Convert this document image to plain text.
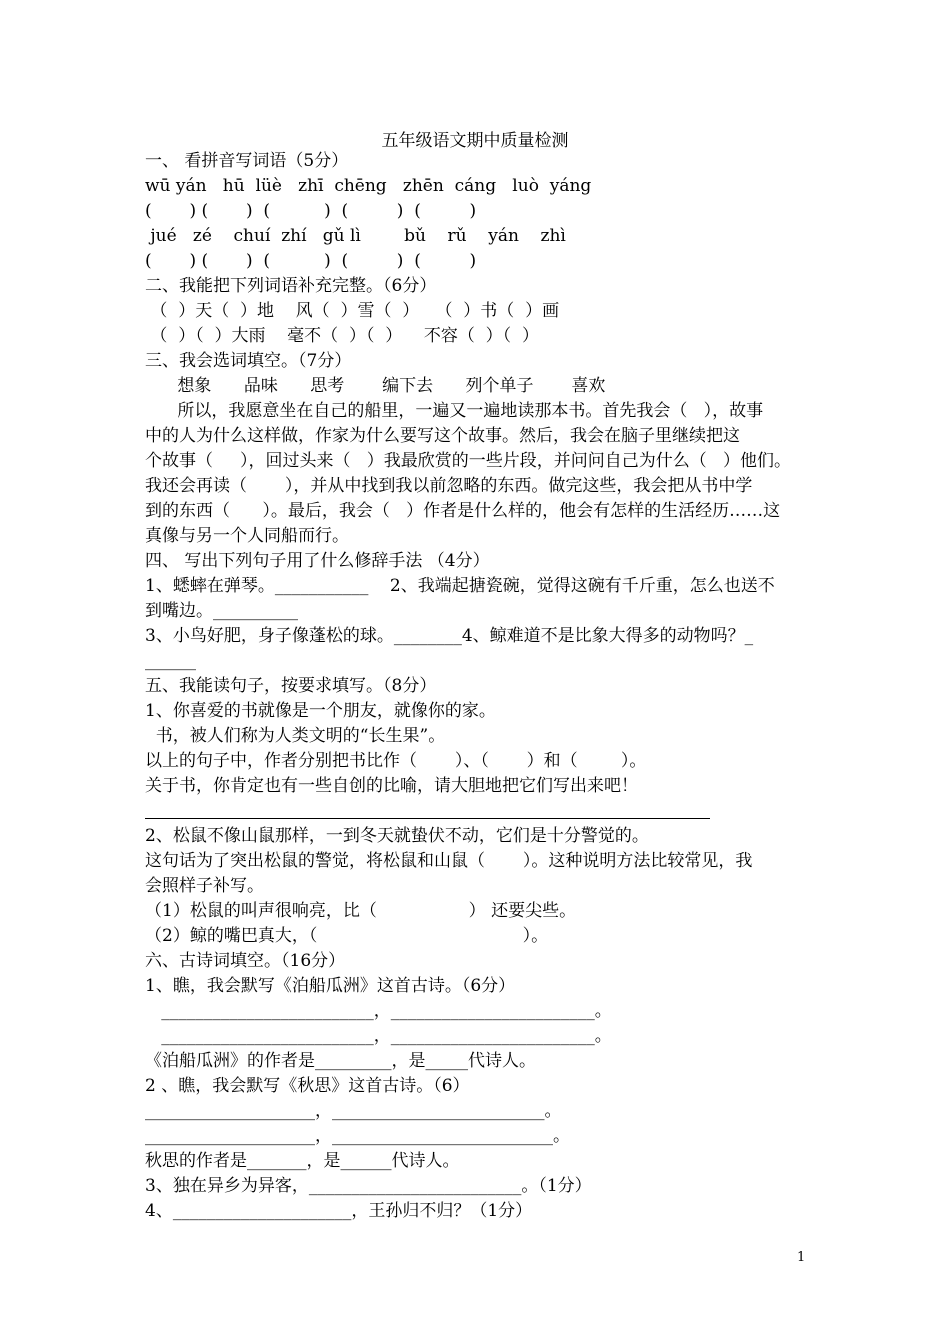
五年级语文期中质量检测
一、 看拼音写词语（5分）
wū yán   hū  lüè   zhī  chēng   zhēn  cáng   luò  yáng
(       ) (       )  (          )  (         )  (         )
jué   zé    chuí  zhí   gǔ lì        bǔ    rǔ    yán    zhì
(       ) (       )  (          )  (         )  (         )
二、我能把下列词语补充完整。（6分）
（  ）天（  ）地    风（  ）雪（  ）   （  ）书（  ）画
（  ）（  ）大雨    毫不（  ）（  ）    不容（  ）（  ）
三、我会选词填空。（7分）
想象      品味      思考       编下去      列个单子       喜欢
所以，我愿意坐在自己的船里，一遍又一遍地读那本书。首先我会（   ），故事
中的人为什么这样做，作家为什么要写这个故事。然后，我会在脑子里继续把这
个故事（     ），回过头来（   ）我最欣赏的一些片段，并问问自己为什么（   ）他们。
我还会再读（       ），并从中找到我以前忽略的东西。做完这些，我会把从书中学
到的东西（      ）。最后，我会（   ）作者是什么样的，他会有怎样的生活经历……这
真像与另一个人同船而行。
四、 写出下列句子用了什么修辞手法 （4分）
1、蟋蟀在弹琴。___________    2、我端起搪瓷碗，觉得这碗有千斤重，怎么也送不
到嘴边。__________
3、小鸟好肥，身子像蓬松的球。________4、鲸难道不是比象大得多的动物吗？_
______
五、我能读句子，按要求填写。（8分）
1、你喜爱的书就像是一个朋友，就像你的家。
书，被人们称为人类文明的“长生果”。
以上的句子中，作者分别把书比作（       ）、（       ）和（        ）。
关于书，你肯定也有一些自创的比喻，请大胆地把它们写出来吧！
2、松鼠不像山鼠那样，一到冬天就蛰伏不动，它们是十分警觉的。
这句话为了突出松鼠的警觉，将松鼠和山鼠（       ）。这种说明方法比较常见，我
会照样子补写。
（1）松鼠的叫声很响亮，比（                 ） 还要尖些。
（2）鲸的嘴巴真大，（                                      ）。
六、古诗词填空。（16分）
1、瞧，我会默写《泊船瓜洲》这首古诗。（6分）
_________________________，________________________。
_________________________，________________________。
《泊船瓜洲》的作者是_________，是_____代诗人。
2 、瞧，我会默写《秋思》这首古诗。（6）
____________________，_________________________。
____________________，__________________________。
秋思的作者是_______，是______代诗人。
3、独在异乡为异客，_________________________。（1分）
4、_____________________，王孙归不归？（1分）
1
